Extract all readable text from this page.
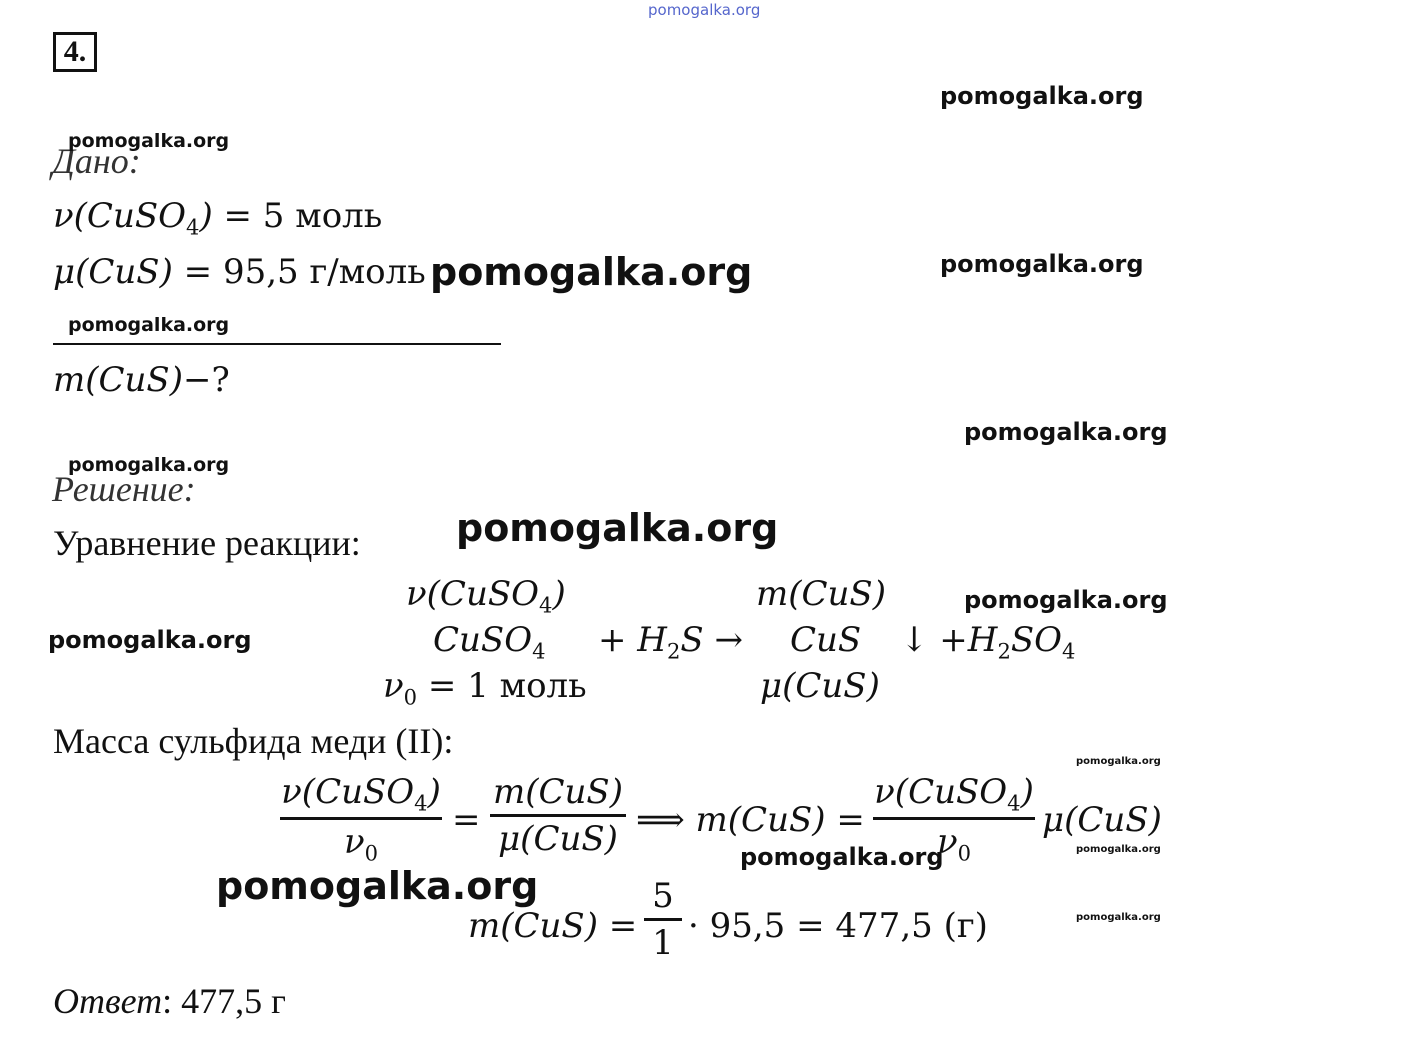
pomogalka.org
4.
Дано:
ν(CuSO$_4$) = 5 моль
μ(CuS) = 95,5 г/моль
m(CuS)−?
Решение:
Уравнение реакции:
ν(CuSO$_4$)	m(CuS)
CuSO$_4$ + $H_2S$ → CuS ↓ $+H_2SO_4$
$\nu_0 = 1$ моль	μ(CuS)
Масса сульфида меди (II):
ν(CuSO$_4$)
$\nu_0$
=
m(CuS)
μ(CuS) ⟹ m(CuS) =
ν(CuSO$_4$)
$\nu_0$
μ(CuS)
m(CuS) =
5
1 · 95,5 = 477,5 (г)
Ответ: 477,5 г
pomogalka.org
pomogalka.org
pomogalka.org	pomogalka.org
pomogalka.org
pomogalka.org
pomogalka.org
pomogalka.org
pomogalka.org
pomogalka.org
pomogalka.org
pomogalka.org
pomogalka.org
pomogalka.org
pomogalka.org
